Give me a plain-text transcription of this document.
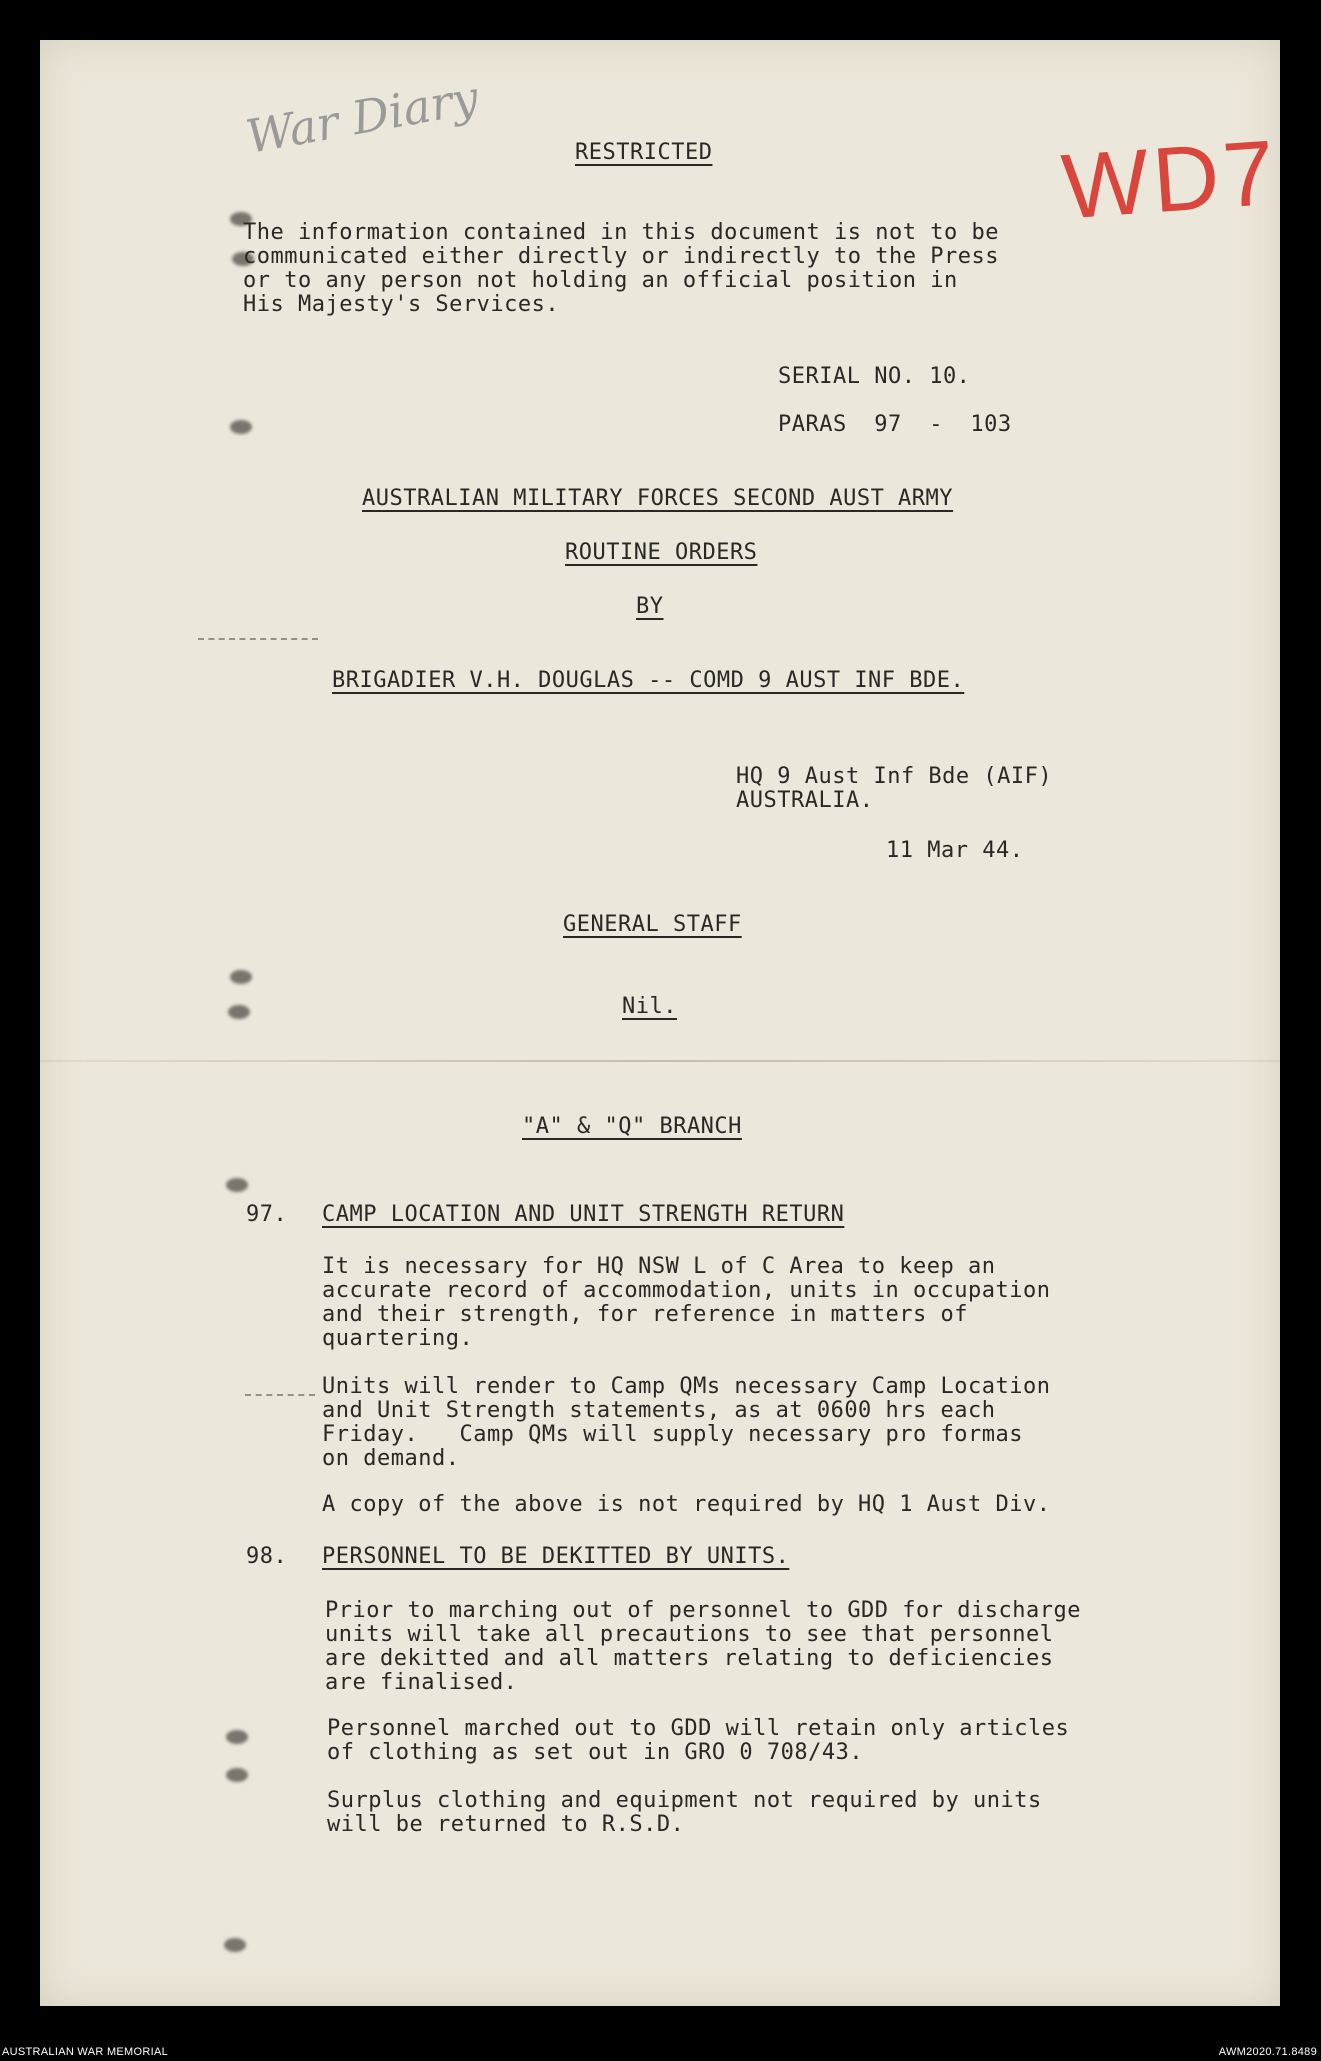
War Diary
WD7
RESTRICTED
The information contained in this document is not to be
communicated either directly or indirectly to the Press
or to any person not holding an official position in
His Majesty's Services.
SERIAL NO. 10.
PARAS  97  -  103
AUSTRALIAN MILITARY FORCES SECOND AUST ARMY
ROUTINE ORDERS
BY
BRIGADIER V.H. DOUGLAS -- COMD 9 AUST INF BDE.
HQ 9 Aust Inf Bde (AIF)
AUSTRALIA.
11 Mar 44.
GENERAL STAFF
Nil.
"A" & "Q" BRANCH
97. CAMP LOCATION AND UNIT STRENGTH RETURN
It is necessary for HQ NSW L of C Area to keep an
accurate record of accommodation, units in occupation
and their strength, for reference in matters of
quartering.
Units will render to Camp QMs necessary Camp Location
and Unit Strength statements, as at 0600 hrs each
Friday.   Camp QMs will supply necessary pro formas
on demand.
A copy of the above is not required by HQ 1 Aust Div.
98. PERSONNEL TO BE DEKITTED BY UNITS.
Prior to marching out of personnel to GDD for discharge
units will take all precautions to see that personnel
are dekitted and all matters relating to deficiencies
are finalised.
Personnel marched out to GDD will retain only articles
of clothing as set out in GRO 0 708/43.
Surplus clothing and equipment not required by units
will be returned to R.S.D.
AUSTRALIAN WAR MEMORIAL	AWM2020.71.8489
